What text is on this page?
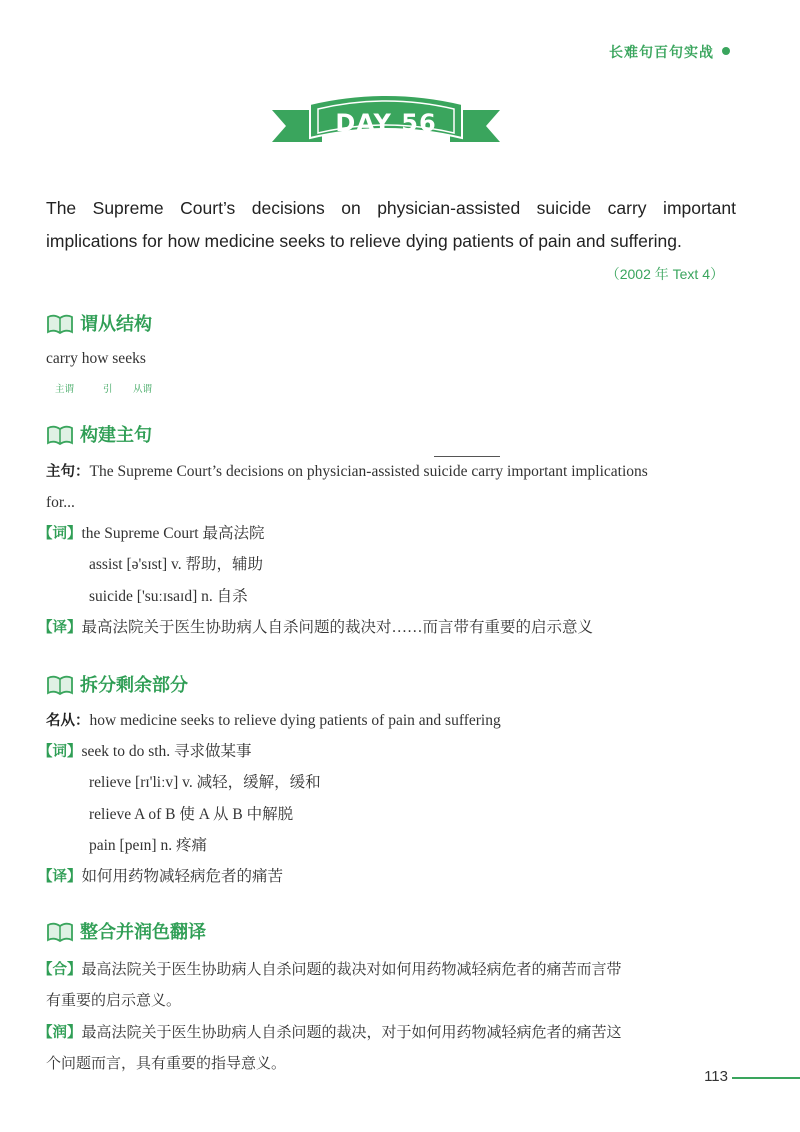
长难句百句实战
DAY 56
The Supreme Court’s decisions on physician-assisted suicide carry important implications for how medicine seeks to relieve dying patients of pain and suffering.
（2002 年 Text 4）
谓从结构
carry how seeks
主谓	引 从谓
构建主句
主句：The Supreme Court’s decisions on physician-assisted suicide carry important implications
for...
【词】the Supreme Court 最高法院
assist [ə'sɪst] v. 帮助，辅助
suicide ['suːɪsaɪd] n. 自杀
【译】最高法院关于医生协助病人自杀问题的裁决对……而言带有重要的启示意义
拆分剩余部分
名从：how medicine seeks to relieve dying patients of pain and suffering
【词】seek to do sth. 寻求做某事
relieve [rɪ'liːv] v. 减轻，缓解，缓和
relieve A of B 使 A 从 B 中解脱
pain [peɪn] n. 疼痛
【译】如何用药物减轻病危者的痛苦
整合并润色翻译
【合】最高法院关于医生协助病人自杀问题的裁决对如何用药物减轻病危者的痛苦而言带
有重要的启示意义。
【润】最高法院关于医生协助病人自杀问题的裁决，对于如何用药物减轻病危者的痛苦这
个问题而言，具有重要的指导意义。
113
